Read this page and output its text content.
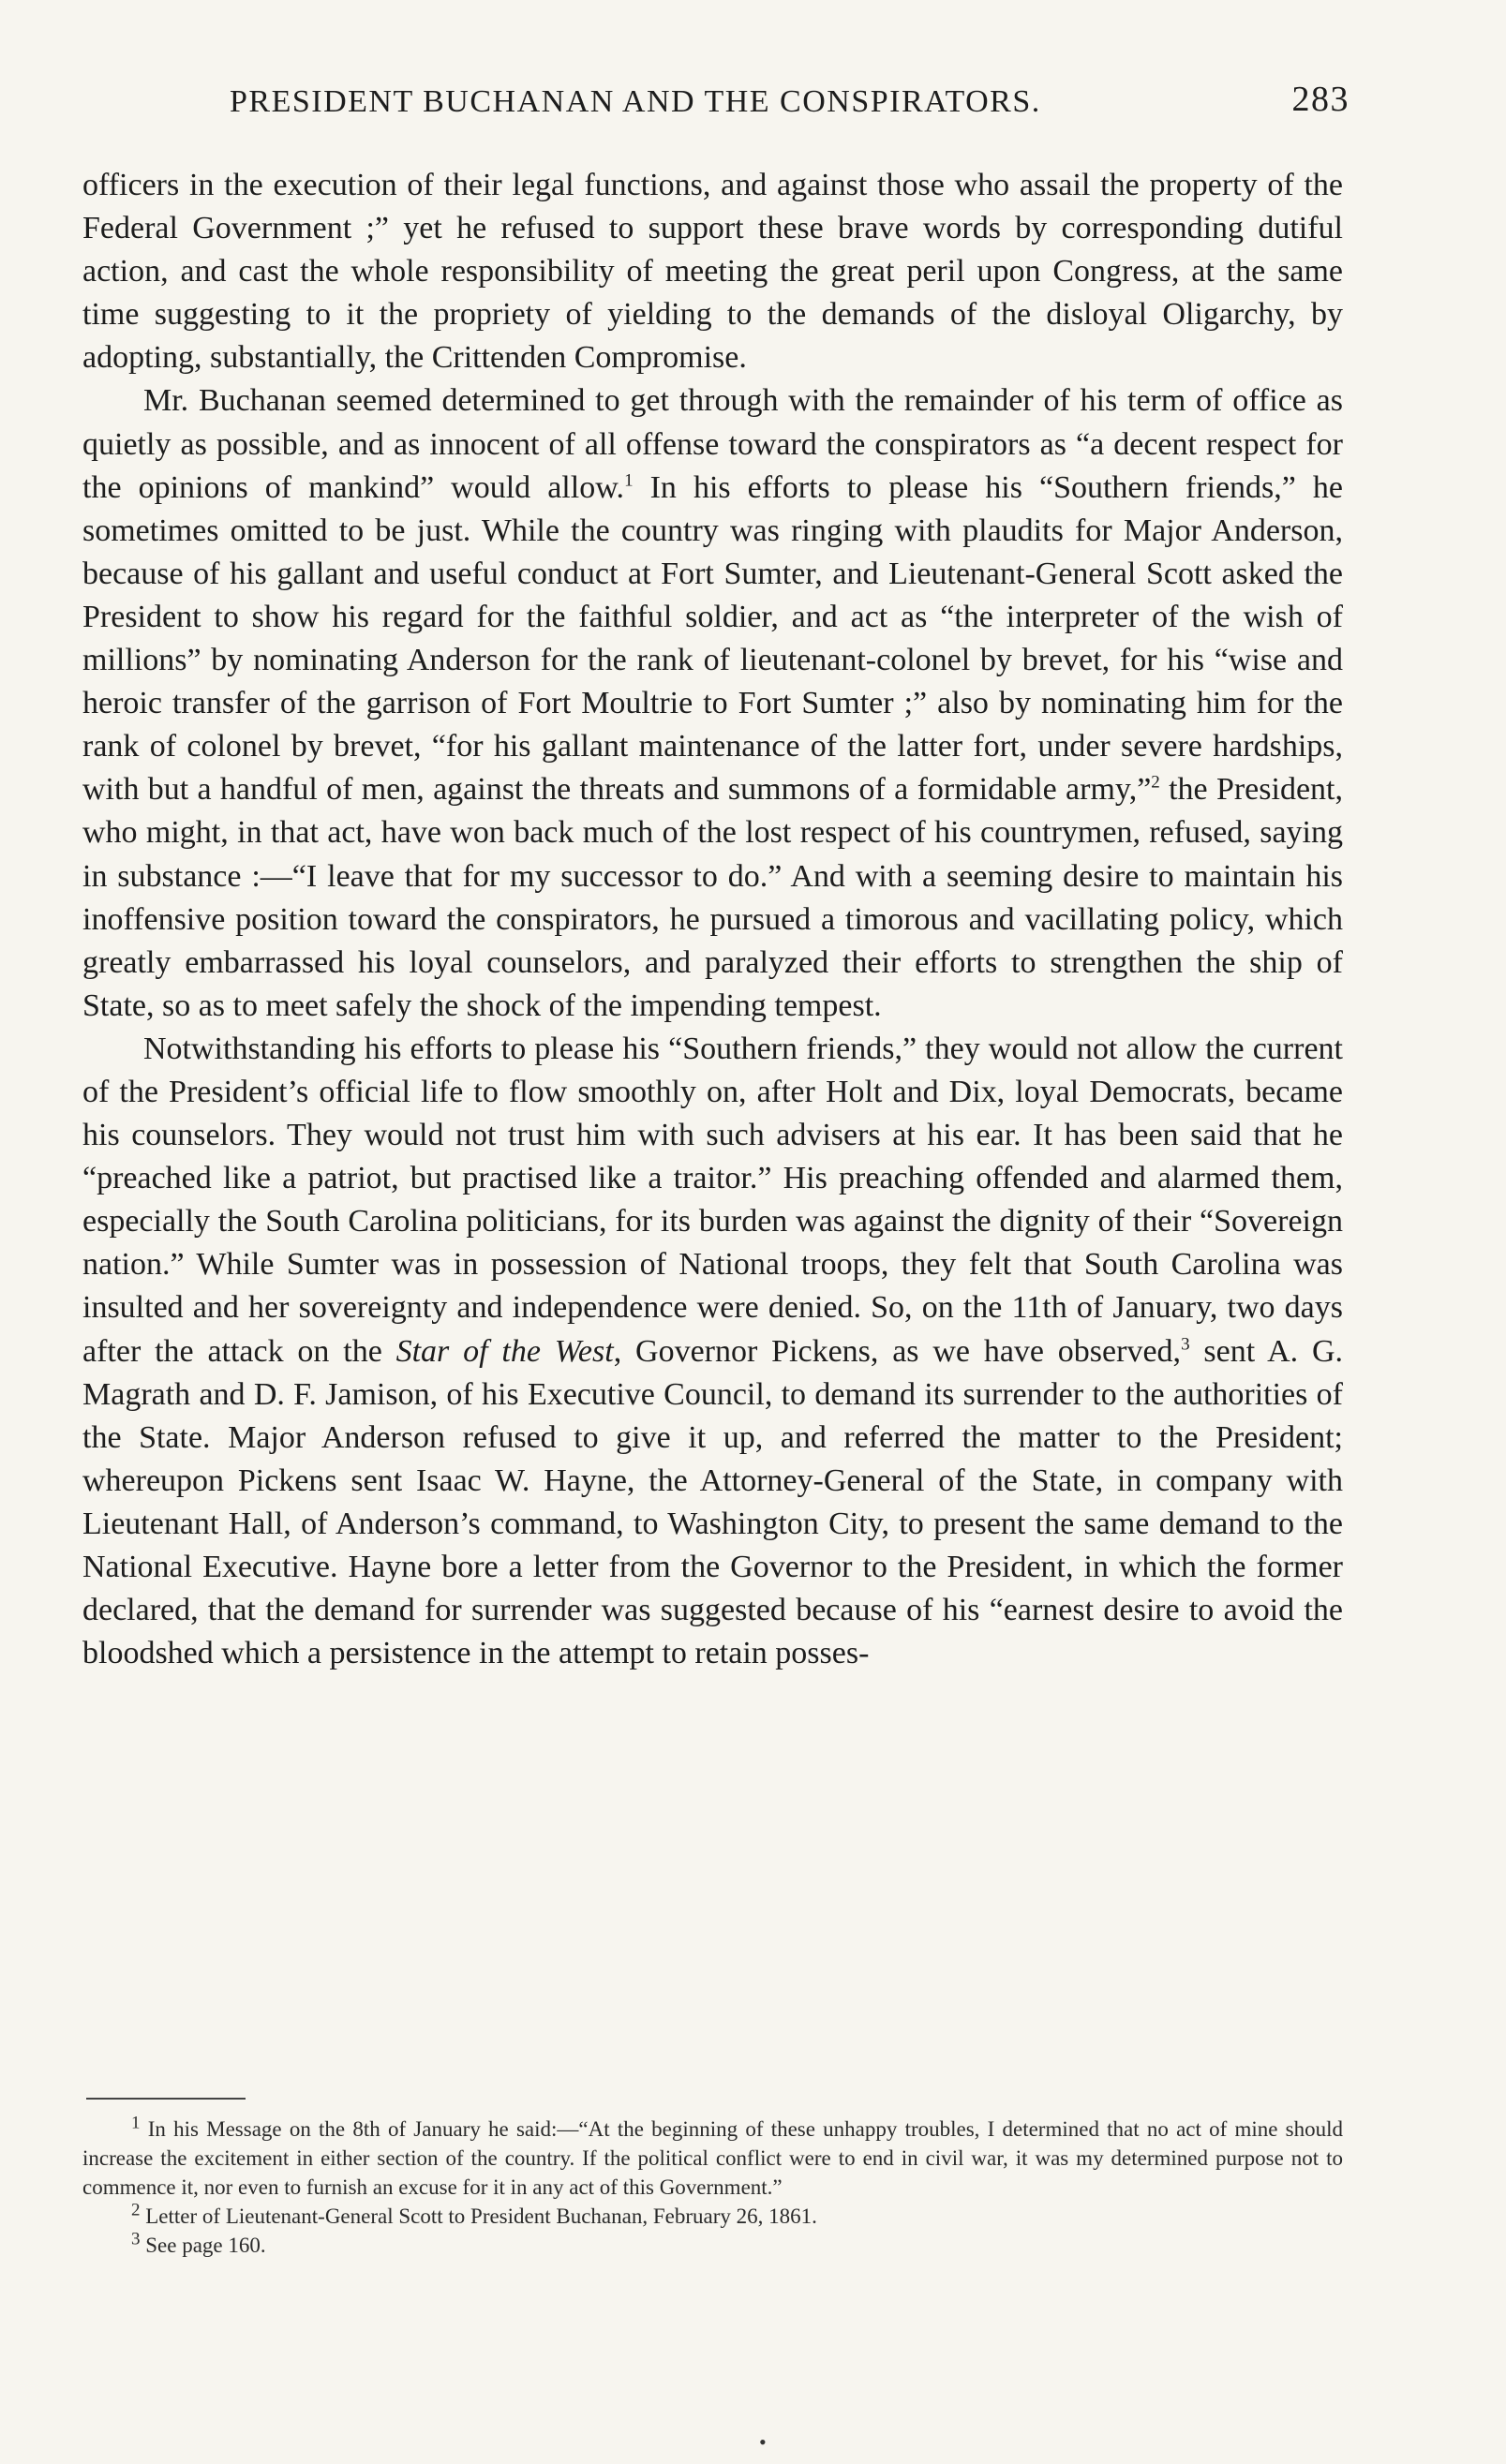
PRESIDENT BUCHANAN AND THE CONSPIRATORS.	283

officers in the execution of their legal functions, and against those who assail the property of the Federal Government ;” yet he refused to support these brave words by corresponding dutiful action, and cast the whole responsibility of meeting the great peril upon Congress, at the same time suggesting to it the propriety of yielding to the demands of the disloyal Oligarchy, by adopting, substantially, the Crittenden Compromise.

Mr. Buchanan seemed determined to get through with the remainder of his term of office as quietly as possible, and as innocent of all offense toward the conspirators as “a decent respect for the opinions of mankind” would allow.$^1$ In his efforts to please his “Southern friends,” he sometimes omitted to be just. While the country was ringing with plaudits for Major Anderson, because of his gallant and useful conduct at Fort Sumter, and Lieutenant-General Scott asked the President to show his regard for the faithful soldier, and act as “the interpreter of the wish of millions” by nominating Anderson for the rank of lieutenant-colonel by brevet, for his “wise and heroic transfer of the garrison of Fort Moultrie to Fort Sumter ;” also by nominating him for the rank of colonel by brevet, “for his gallant maintenance of the latter fort, under severe hardships, with but a handful of men, against the threats and summons of a formidable army,”$^2$ the President, who might, in that act, have won back much of the lost respect of his countrymen, refused, saying in substance :—“I leave that for my successor to do.” And with a seeming desire to maintain his inoffensive position toward the conspirators, he pursued a timorous and vacillating policy, which greatly embarrassed his loyal counselors, and paralyzed their efforts to strengthen the ship of State, so as to meet safely the shock of the impending tempest.

Notwithstanding his efforts to please his “Southern friends,” they would not allow the current of the President’s official life to flow smoothly on, after Holt and Dix, loyal Democrats, became his counselors. They would not trust him with such advisers at his ear. It has been said that he “preached like a patriot, but practised like a traitor.” His preaching offended and alarmed them, especially the South Carolina politicians, for its burden was against the dignity of their “Sovereign nation.” While Sumter was in possession of National troops, they felt that South Carolina was insulted and her sovereignty and independence were denied. So, on the 11th of January, two days after the attack on the Star of the West, Governor Pickens, as we have observed,$^3$ sent A. G. Magrath and D. F. Jamison, of his Executive Council, to demand its surrender to the authorities of the State. Major Anderson refused to give it up, and referred the matter to the President; whereupon Pickens sent Isaac W. Hayne, the Attorney-General of the State, in company with Lieutenant Hall, of Anderson’s command, to Washington City, to present the same demand to the National Executive. Hayne bore a letter from the Governor to the President, in which the former declared, that the demand for surrender was suggested because of his “earnest desire to avoid the bloodshed which a persistence in the attempt to retain posses-

$^1$ In his Message on the 8th of January he said:—“At the beginning of these unhappy troubles, I determined that no act of mine should increase the excitement in either section of the country. If the political conflict were to end in civil war, it was my determined purpose not to commence it, nor even to furnish an excuse for it in any act of this Government.”

$^2$ Letter of Lieutenant-General Scott to President Buchanan, February 26, 1861.

$^3$ See page 160.

•
